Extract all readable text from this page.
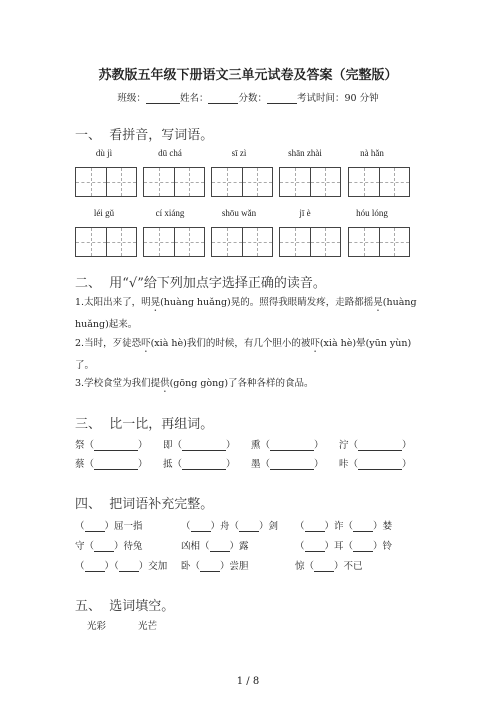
苏教版五年级下册语文三单元试卷及答案（完整版）
班级：	姓名：	分数：	考试时间：90 分钟
一、 看拼音，写词语。
dù jì	dū chá	sī zì	shān zhài	nà hǎn
léi gǔ	cí xiáng	shōu wǎn	jī è	hóu lóng
二、 用“√”给下列加点字选择正确的读音。
1.太阳出来了，明晃(huàng huǎng)晃的。照得我眼睛发疼，走路都摇晃(huàng
huǎng)起来。
2.当时，歹徒恐吓(xià hè)我们的时候，有几个胆小的被吓(xià hè)晕(yūn yùn)
了。
3.学校食堂为我们提供(gōng gòng)了各种各样的食品。
三、 比一比，再组词。
祭（	） 即（	） 熏（	） 泞（	）
蔡（	） 抵（	） 墨（	） 咔（	）
四、 把词语补充完整。
（ ）屈一指	（ ）舟（ ）剑 （ ）诈（ ）婪
守（ ）待兔	凶相（ ）露	（ ）耳（ ）铃
（ ）（ ）交加 卧（ ）尝胆	惊（ ）不已
五、 选词填空。
光彩	光芒
1 / 8
